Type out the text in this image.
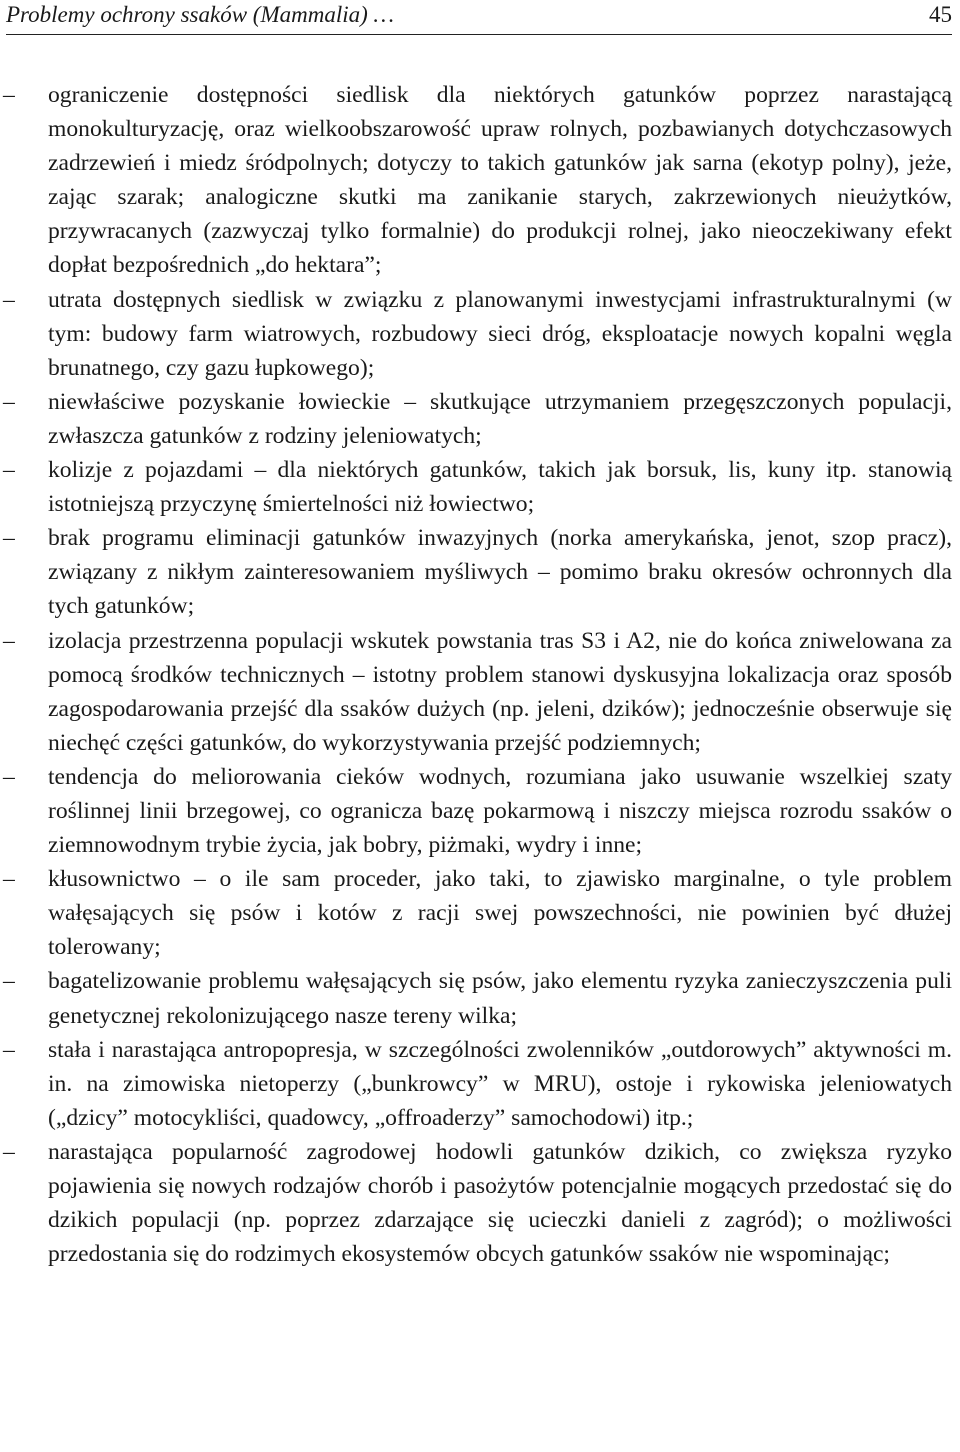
Problemy ochrony ssaków (Mammalia) …	45
–	ograniczenie dostępności siedlisk dla niektórych gatunków poprzez narastającą monokulturyzację, oraz wielkoobszarowość upraw rolnych, pozbawianych dotychczasowych zadrzewień i miedz śródpolnych; dotyczy to takich gatunków jak sarna (ekotyp polny), jeże, zając szarak; analogiczne skutki ma zanikanie starych, zakrzewionych nieużytków, przywracanych (zazwyczaj tylko formalnie) do produkcji rolnej, jako nieoczekiwany efekt dopłat bezpośrednich „do hektara”;
–	utrata dostępnych siedlisk w związku z planowanymi inwestycjami infrastrukturalnymi (w tym: budowy farm wiatrowych, rozbudowy sieci dróg, eksploatacje nowych kopalni węgla brunatnego, czy gazu łupkowego);
–	niewłaściwe pozyskanie łowieckie – skutkujące utrzymaniem przegęszczonych populacji, zwłaszcza gatunków z rodziny jeleniowatych;
–	kolizje z pojazdami – dla niektórych gatunków, takich jak borsuk, lis, kuny itp. stanowią istotniejszą przyczynę śmiertelności niż łowiectwo;
–	brak programu eliminacji gatunków inwazyjnych (norka amerykańska, jenot, szop pracz), związany z nikłym zainteresowaniem myśliwych – pomimo braku okresów ochronnych dla tych gatunków;
–	izolacja przestrzenna populacji wskutek powstania tras S3 i A2, nie do końca zniwelowana za pomocą środków technicznych – istotny problem stanowi dyskusyjna lokalizacja oraz sposób zagospodarowania przejść dla ssaków dużych (np. jeleni, dzików); jednocześnie obserwuje się niechęć części gatunków, do wykorzystywania przejść podziemnych;
–	tendencja do meliorowania cieków wodnych, rozumiana jako usuwanie wszelkiej szaty roślinnej linii brzegowej, co ogranicza bazę pokarmową i niszczy miejsca rozrodu ssaków o ziemnowodnym trybie życia, jak bobry, piżmaki, wydry i inne;
–	kłusownictwo – o ile sam proceder, jako taki, to zjawisko marginalne, o tyle problem wałęsających się psów i kotów z racji swej powszechności, nie powinien być dłużej tolerowany;
–	bagatelizowanie problemu wałęsających się psów, jako elementu ryzyka zanieczyszczenia puli genetycznej rekolonizującego nasze tereny wilka;
–	stała i narastająca antropopresja, w szczególności zwolenników „outdorowych” aktywności m. in. na zimowiska nietoperzy („bunkrowcy” w MRU), ostoje i rykowiska jeleniowatych („dzicy” motocykliści, quadowcy, „offroaderzy” samochodowi) itp.;
–	narastająca popularność zagrodowej hodowli gatunków dzikich, co zwiększa ryzyko pojawienia się nowych rodzajów chorób i pasożytów potencjalnie mogących przedostać się do dzikich populacji (np. poprzez zdarzające się ucieczki danieli z zagród); o możliwości przedostania się do rodzimych ekosystemów obcych gatunków ssaków nie wspominając;
